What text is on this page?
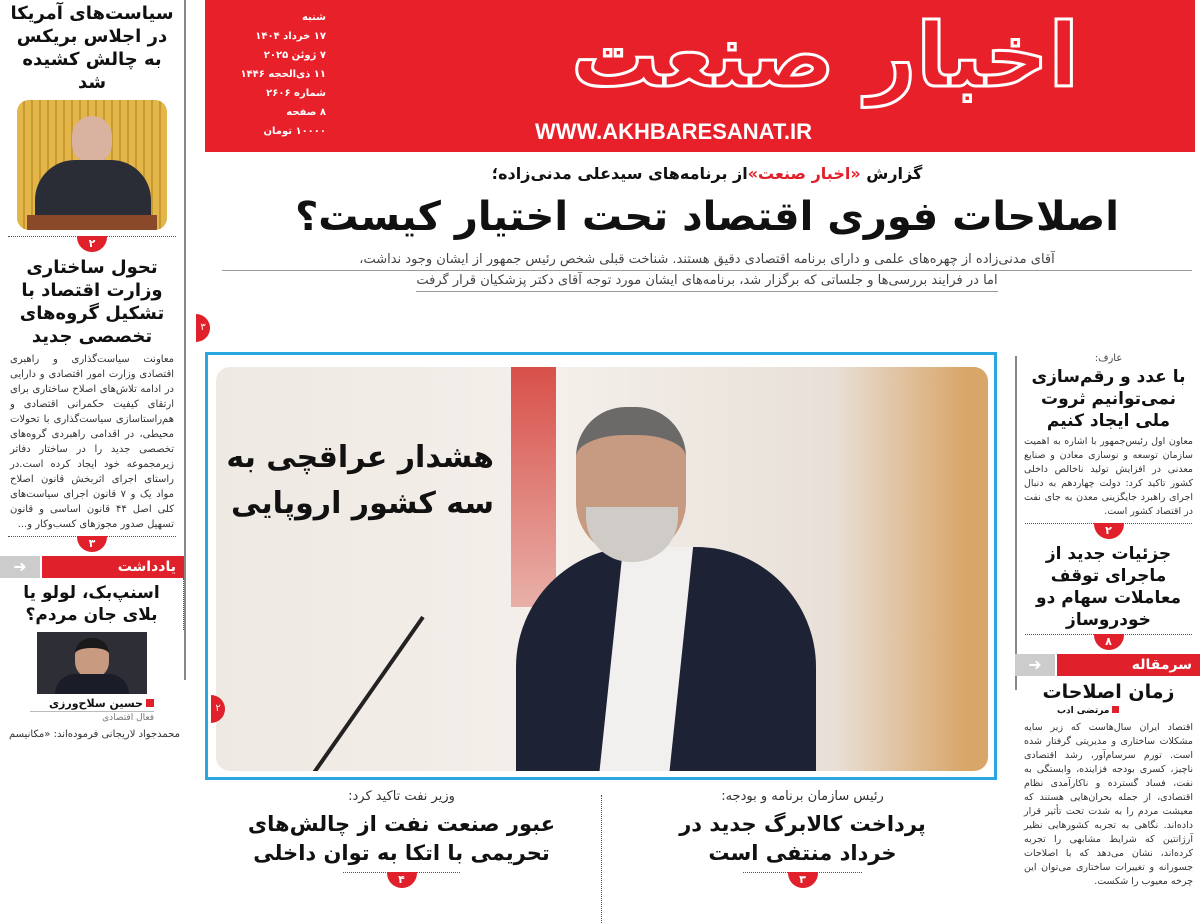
اخبار صنعت
WWW.AKHBARESANAT.IR
شنبه
۱۷ خرداد ۱۴۰۴
۷ ژوئن ۲۰۲۵
۱۱ ذی‌الحجه ۱۴۴۶
شماره ۲۶۰۶
۸ صفحه
۱۰۰۰۰ تومان
گزارش «اخبار صنعت»از برنامه‌های سیدعلی مدنی‌زاده؛
اصلاحات فوری اقتصاد تحت اختیار کیست؟
آقای مدنی‌زاده از چهره‌های علمی و دارای برنامه اقتصادی دقیق هستند. شناخت قبلی شخص رئیس جمهور از ایشان وجود نداشت،
اما در فرایند بررسی‌ها و جلساتی که برگزار شد، برنامه‌های ایشان مورد توجه آقای دکتر پزشکیان قرار گرفت
۳
هشدار عراقچی به
سه کشور اروپایی
۲
رئیس سازمان برنامه و بودجه:
پرداخت کالابرگ جدید در خرداد منتفی است
۳
وزیر نفت تاکید کرد:
عبور صنعت نفت از چالش‌های تحریمی با اتکا به توان داخلی
۴
سیاست‌های آمریکا در اجلاس بریکس به چالش کشیده شد
۲
تحول ساختاری وزارت اقتصاد با تشکیل گروه‌های تخصصی جدید
معاونت سیاست‌گذاری و راهبری اقتصادی وزارت امور اقتصادی و دارایی در ادامه تلاش‌های اصلاح ساختاری برای ارتقای کیفیت حکمرانی اقتصادی و هم‌راستاسازی سیاست‌گذاری با تحولات محیطی، در اقدامی راهبردی گروه‌های تخصصی جدید را در ساختار دفاتر زیرمجموعه خود ایجاد کرده است.در راستای اجرای اثربخش قانون اصلاح مواد یک و ۷ قانون اجرای سیاست‌های کلی اصل ۴۴ قانون اساسی و قانون تسهیل صدور مجوزهای کسب‌وکار و...
۳
➜	یادداشت
اسنپ‌بک، لولو یا بلای جان مردم؟
حسین سلاح‌ورزی
فعال اقتصادی
محمدجواد لاریجانی فرموده‌اند: «مکانیسم
عارف:
با عدد و رقم‌سازی نمی‌توانیم ثروت ملی ایجاد کنیم
معاون اول رئیس‌جمهور با اشاره به اهمیت سازمان توسعه و نوسازی معادن و صنایع معدنی در افزایش تولید ناخالص داخلی کشور تاکید کرد: دولت چهاردهم به دنبال اجرای راهبرد جایگزینی معدن به جای نفت در اقتصاد کشور است.
۲
جزئیات جدید از ماجرای توقف معاملات سهام دو خودروساز
۸
➜	سرمقاله
زمان اصلاحات
مرتضی ادب
اقتصاد ایران سال‌هاست که زیر سایه مشکلات ساختاری و مدیریتی گرفتار شده است. تورم سرسام‌آور، رشد اقتصادی ناچیز، کسری بودجه فزاینده، وابستگی به نفت، فساد گسترده و ناکارآمدی نظام اقتصادی، از جمله بحران‌هایی هستند که معیشت مردم را به شدت تحت تأثیر قرار داده‌اند. نگاهی به تجربه کشورهایی نظیر آرژانتین که شرایط مشابهی را تجربه کرده‌اند، نشان می‌دهد که با اصلاحات جسورانه و تغییرات ساختاری می‌توان این چرخه معیوب را شکست.
